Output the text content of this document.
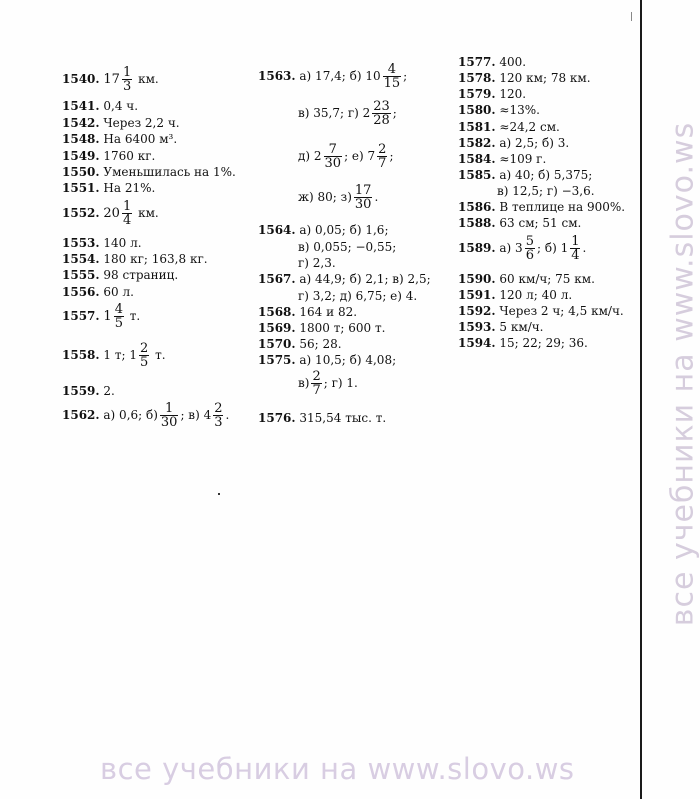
1540. $17 \frac{1}{3}$ км.
1541. 0,4 ч.
1542. Через 2,2 ч.
1548. На 6400 м³.
1549. 1760 кг.
1550. Уменьшилась на 1%.
1551. На 21%.
1552. $20 \frac{1}{4}$ км.
1553. 140 л.
1554. 180 кг; 163,8 кг.
1555. 98 страниц.
1556. 60 л.
1557. $1 \frac{4}{5} т$.
1558. 1 т; $1 \frac{2}{5} т$.
1559. 2.
1562. а) 0,6; $б) \frac{1}{30}$ ; в) $4 \frac{2}{3}$ .
1563. а) 17,4; б) $10 \frac{4}{15}$ ;
в) 35,7; г) $2 \frac{23}{28}$ ;
д) $2 \frac{7}{30}$ ; е) $7 \frac{2}{7}$ ;
ж) 80; $з) \frac{17}{30}$ .
1564. а) 0,05; б) 1,6;
в) 0,055; −0,55;
г) 2,3.
1567. а) 44,9; б) 2,1; в) 2,5;
г) 3,2; д) 6,75; е) 4.
1568. 164 и 82.
1569. 1800 т; 600 т.
1570. 56; 28.
1575. а) 10,5; б) 4,08;
$в) \frac{2}{7}$ ; г) 1.
1576. 315,54 тыс. т.
1577. 400.
1578. 120 км; 78 км.
1579. 120.
1580. ≈13%.
1581. ≈24,2 см.
1582. а) 2,5; б) 3.
1584. ≈109 г.
1585. а) 40; б) 5,375;
в) 12,5; г) −3,6.
1586. В теплице на 900%.
1588. 63 см; 51 см.
1589. а) $3 \frac{5}{6}$ ; б) $1 \frac{1}{4}$ .
1590. 60 км/ч; 75 км.
1591. 120 л; 40 л.
1592. Через 2 ч; 4,5 км/ч.
1593. 5 км/ч.
1594. 15; 22; 29; 36.	все учебники на www.slovo.ws
все учебники на www.slovo.ws
